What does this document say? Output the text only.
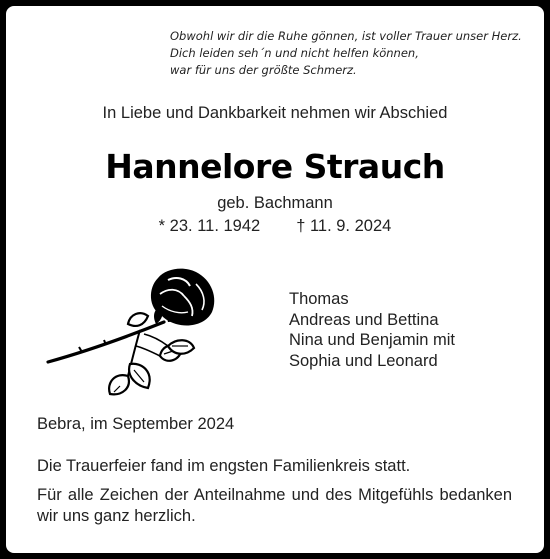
Obwohl wir dir die Ruhe gönnen, ist voller Trauer unser Herz.
Dich leiden seh´n und nicht helfen können,
war für uns der größte Schmerz.
In Liebe und Dankbarkeit nehmen wir Abschied
Hannelore Strauch
geb. Bachmann
* 23. 11. 1942 † 11. 9. 2024
Thomas
Andreas und Bettina
Nina und Benjamin mit
Sophia und Leonard
Bebra, im September 2024
Die Trauerfeier fand im engsten Familienkreis statt.
Für alle Zeichen der Anteilnahme und des Mitgefühls bedanken wir uns ganz herzlich.
